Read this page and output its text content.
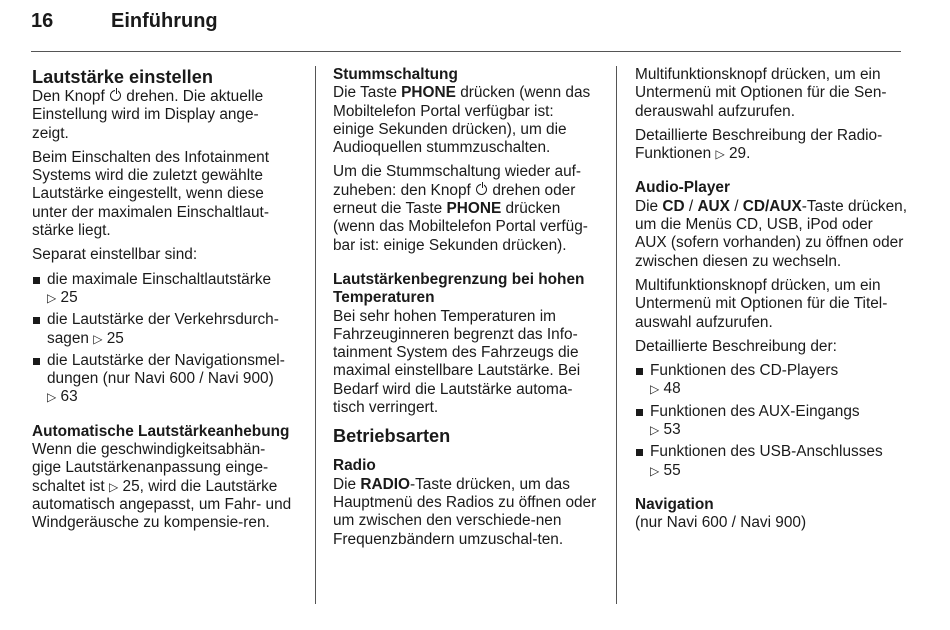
16	Einführung
Lautstärke einstellen

Den Knopf drehen. Die aktuelle Einstellung wird im Display ange-zeigt.

Beim Einschalten des Infotainment Systems wird die zuletzt gewählte Lautstärke eingestellt, wenn diese unter der maximalen Einschaltlaut-stärke liegt.

Separat einstellbar sind:

die maximale Einschaltlautstärke
▷ 25
die Lautstärke der Verkehrsdurch-sagen ▷ 25
die Lautstärke der Navigationsmel-dungen (nur Navi 600 / Navi 900)
▷ 63
Automatische Lautstärkeanhebung

Wenn die geschwindigkeitsabhän-gige Lautstärkenanpassung einge-schaltet ist ▷ 25, wird die Lautstärke automatisch angepasst, um Fahr- und Windgeräusche zu kompensie-ren.

Stummschaltung

Die Taste PHONE drücken (wenn das Mobiltelefon Portal verfügbar ist: einige Sekunden drücken), um die Audioquellen stummzuschalten.

Um die Stummschaltung wieder auf-zuheben: den Knopf drehen oder erneut die Taste PHONE drücken (wenn das Mobiltelefon Portal verfüg-bar ist: einige Sekunden drücken).

Lautstärkenbegrenzung bei hohen Temperaturen

Bei sehr hohen Temperaturen im Fahrzeuginneren begrenzt das Info-tainment System des Fahrzeugs die maximal einstellbare Lautstärke. Bei Bedarf wird die Lautstärke automa-tisch verringert.

Betriebsarten
Radio

Die RADIO-Taste drücken, um das Hauptmenü des Radios zu öffnen oder um zwischen den verschiede-nen Frequenzbändern umzuschal-ten.

Multifunktionsknopf drücken, um ein Untermenü mit Optionen für die Sen-derauswahl aufzurufen.

Detaillierte Beschreibung der Radio-Funktionen ▷ 29.

Audio-Player

Die CD / AUX / CD/AUX-Taste drücken, um die Menüs CD, USB, iPod oder AUX (sofern vorhanden) zu öffnen oder zwischen diesen zu wechseln.

Multifunktionsknopf drücken, um ein Untermenü mit Optionen für die Titel-auswahl aufzurufen.

Detaillierte Beschreibung der:

Funktionen des CD-Players
▷ 48
Funktionen des AUX-Eingangs
▷ 53
Funktionen des USB-Anschlusses
▷ 55
Navigation

(nur Navi 600 / Navi 900)
